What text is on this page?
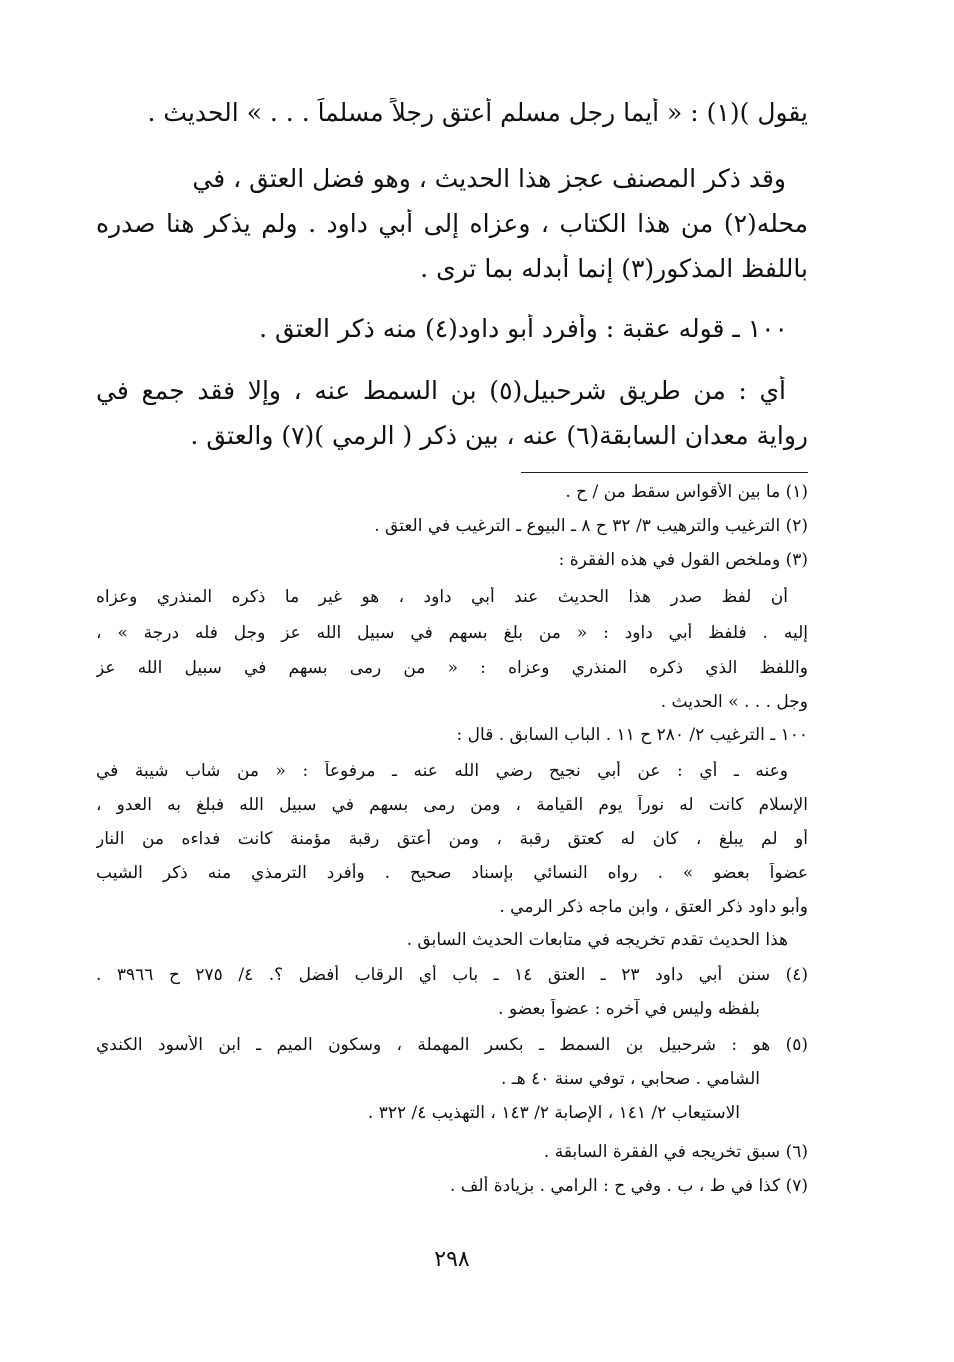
يقول )(١) : « أيما رجلٍ مسلم أعتق رجلاً مسلماً . . . » الحديث .
وقد ذكر المصنف عجز هذا الحديث ، وهو فضل العتق ، في
محله(٢) من هذا الكتاب ، وعزاه إلى أبي داود . ولم يذكر هنا صدره
باللفظ المذكور(٣) إنما أبدله بما ترى .
١٠٠ ـ قوله عقبة : وأفرد أبو داود(٤) منه ذكر العتق .
أي : من طريق شرحبيل(٥) بن السمط عنه ، وإلا فقد جمع في
رواية معدان السابقة(٦) عنه ، بين ذكر ( الرمي )(٧) والعتق .
(١) ما بين الأقواس سقط من / ح .
(٢) الترغيب والترهيب ٣/ ٣٢ ح ٨ ـ البيوع ـ الترغيب في العتق .
(٣) وملخص القول في هذه الفقرة :
أن لفظ صدر هذا الحديث عند أبي داود ، هو غير ما ذكره المنذري وعزاه
إليه . فلفظ أبي داود : « من بلغ بسهم في سبيل الله عز وجل فله درجة » ،
واللفظ الذي ذكره المنذري وعزاه : « من رمى بسهم في سبيل الله عز
وجل . . . » الحديث .
١٠٠ ـ الترغيب ٢/ ٢٨٠ ح ١١ . الباب السابق . قال :
وعنه ـ أي : عن أبي نجيح رضي الله عنه ـ مرفوعاً : « من شاب شيبة في
الإسلام كانت له نوراً يوم القيامة ، ومن رمى بسهم في سبيل الله فبلغ به العدو ،
أو لم يبلغ ، كان له كعتق رقبة ، ومن أعتق رقبة مؤمنة كانت فداءه من النار
عضواً بعضو » . رواه النسائي بإسناد صحيح . وأفرد الترمذي منه ذكر الشيب
وأبو داود ذكر العتق ، وابن ماجه ذكر الرمي .
هذا الحديث تقدم تخريجه في متابعات الحديث السابق .
(٤) سنن أبي داود ٢٣ ـ العتق ١٤ ـ باب أي الرقاب أفضل ؟. ٤/ ٢٧٥ ح ٣٩٦٦ .
بلفظه وليس في آخره : عضواً بعضو .
(٥) هو : شرحبيل بن السمط ـ بكسر المهملة ، وسكون الميم ـ ابن الأسود الكندي
الشامي . صحابي ، توفي سنة ٤٠ هـ .
الاستيعاب ٢/ ١٤١ ، الإصابة ٢/ ١٤٣ ، التهذيب ٤/ ٣٢٢ .
(٦) سبق تخريجه في الفقرة السابقة .
(٧) كذا في ط ، ب . وفي ح : الرامي . بزيادة ألف .
٢٩٨
